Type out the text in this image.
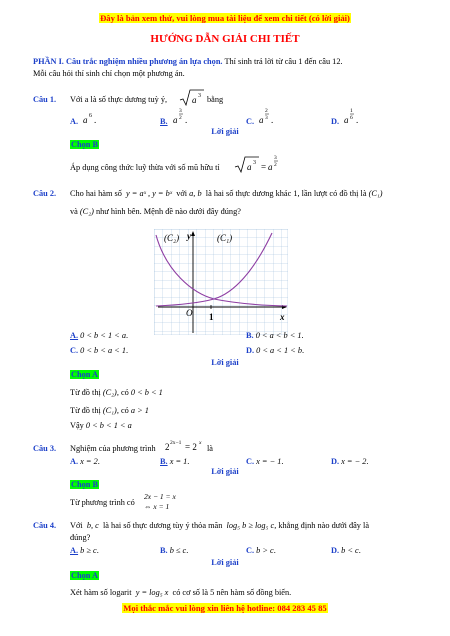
Đây là bản xem thử, vui lòng mua tài liệu để xem chi tiết (có lời giải)
HƯỚNG DẪN GIẢI CHI TIẾT
PHẦN I. Câu trắc nghiệm nhiều phương án lựa chọn. Thí sinh trả lời từ câu 1 đến câu 12.
Mỗi câu hỏi thí sinh chỉ chọn một phương án.
Câu 1. Với a là số thực dương tuỳ ý,	a 3 bằng
A. a 6 .	B. a
3
2 .	C. a
2
3 .	D. a
1
6 .
Lời giải
Chọn B
Áp dụng công thức luỹ thừa với số mũ hữu tỉ	a 3 = a
3
2
Câu 2. Cho hai hàm số y = aˣ , y = bˣ với a, b là hai số thực dương khác 1, lần lượt có đồ thị là (C₁)
và (C₂) như hình bên. Mệnh đề nào dưới đây đúng?
(C₂)	(C₁)
y
x
O 1
A. 0 < b < 1 < a.	B. 0 < a < b < 1.
C. 0 < b < a < 1.	D. 0 < a < 1 < b.
Lời giải
Chọn A
Từ đồ thị (C₂), có 0 < b < 1
Từ đồ thị (C₁), có a > 1
Vậy 0 < b < 1 < a
Câu 3. Nghiệm của phương trình 2 2x−1 = 2 x
là
A. x = 2.	B. x = 1.	C. x = − 1.	D. x = − 2.
Lời giải
Chọn B
Từ phương trình có
2x − 1 = x
⇔ x = 1
Câu 4. Với b, c là hai số thực dương tùy ý thỏa mãn log₅ b ≥ log₅ c, khẳng định nào dưới đây là
đúng?
A. b ≥ c.	B. b ≤ c.	C. b > c.	D. b < c.
Lời giải
Chọn A
Xét hàm số logarit y = log₅ x có cơ số là 5 nên hàm số đồng biến.
Mọi thắc mắc vui lòng xin liên hệ hotline: 084 283 45 85
